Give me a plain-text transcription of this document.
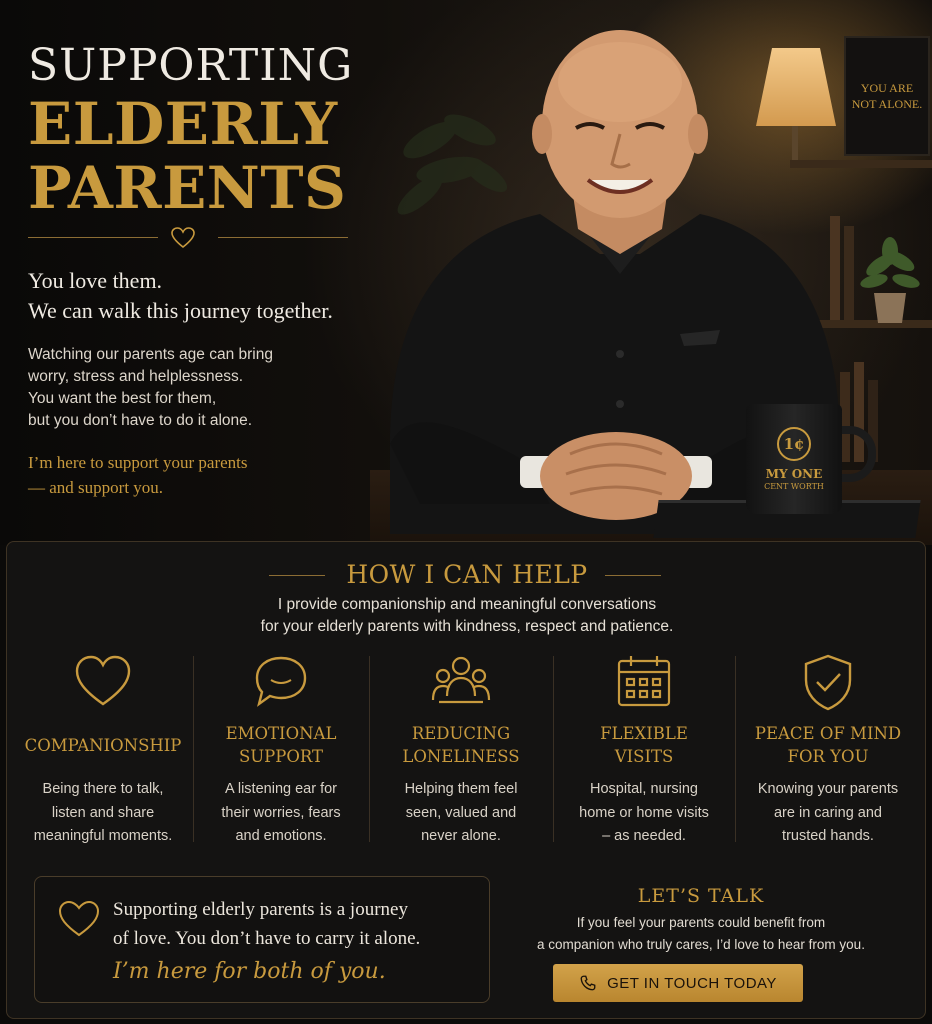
YOU ARE
NOT ALONE.
1¢
MY ONE
CENT WORTH
SUPPORTING
ELDERLY
PARENTS
You love them.
We can walk this journey together.
Watching our parents age can bring
worry, stress and helplessness.
You want the best for them,
but you don’t have to do it alone.
I’m here to support your parents
— and support you.
HOW I CAN HELP
I provide companionship and meaningful conversations
for your elderly parents with kindness, respect and patience.
COMPANIONSHIP
Being there to talk,
listen and share
meaningful moments.
EMOTIONAL
SUPPORT
A listening ear for
their worries, fears
and emotions.
REDUCING
LONELINESS
Helping them feel
seen, valued and
never alone.
FLEXIBLE
VISITS
Hospital, nursing
home or home visits
– as needed.
PEACE OF MIND
FOR YOU
Knowing your parents
are in caring and
trusted hands.
Supporting elderly parents is a journey
of love. You don’t have to carry it alone.
I’m here for both of you.
LET’S TALK
If you feel your parents could benefit from
a companion who truly cares, I’d love to hear from you.
GET IN TOUCH TODAY
